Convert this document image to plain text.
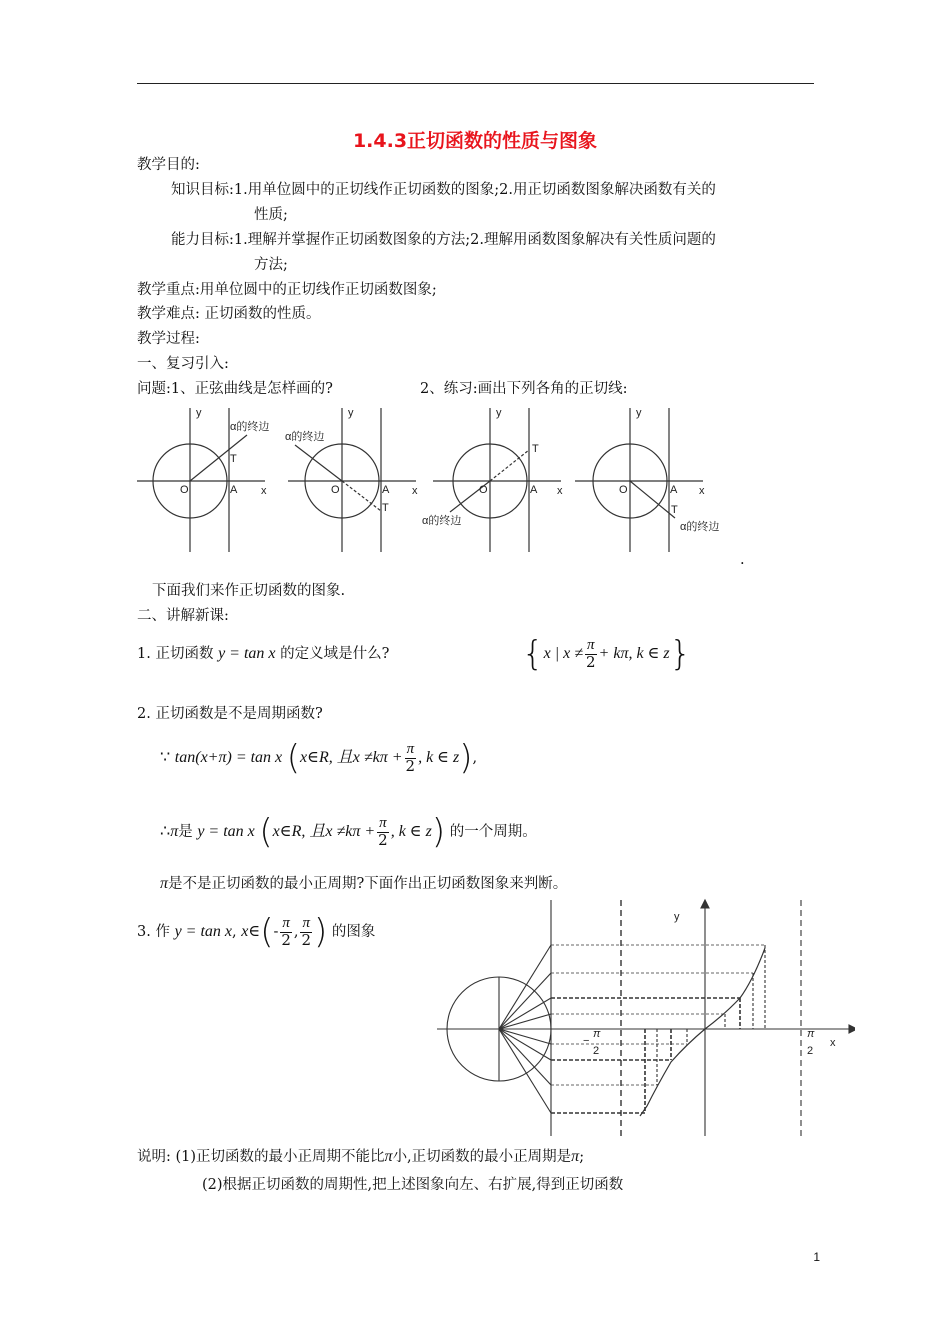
1.4.3正切函数的性质与图象
教学目的:
知识目标:1.用单位圆中的正切线作正切函数的图象;2.用正切函数图象解决函数有关的
性质;
能力目标:1.理解并掌握作正切函数图象的方法;2.理解用函数图象解决有关性质问题的
方法;
教学重点:用单位圆中的正切线作正切函数图象;
教学难点: 正切函数的性质。
教学过程:
一、复习引入:
问题:1、正弦曲线是怎样画的?	2、练习:画出下列各角的正切线:
y
x
O	A
T
α的终边
y
x
O	A
T
α的终边
y
x
O	A
T
α的终边
y
x
O	A
T
α的终边
.
下面我们来作正切函数的图象.
二、讲解新课:
1. 正切函数 y = tan x 的定义域是什么?	{x | $x \ne \frac{\pi}{2} + k\pi$, k ∈ z}
2. 正切函数是不是周期函数?
∵ tan(x+π) = tan x (x∈R, 且$x \ne k\pi + \frac{\pi}{2}$ , k ∈ z),
∴π是 y = tan x (x∈R, 且$x \ne k\pi + \frac{\pi}{2}$ , k ∈ z) 的一个周期。
π是不是正切函数的最小正周期?下面作出正切函数图象来判断。
3. 作 y = tan x, x∈(- $\frac{\pi}{2}$ , $\frac{\pi}{2}$ ) 的图象
y
x
−
π
2
π
2
说明: (1)正切函数的最小正周期不能比π小,正切函数的最小正周期是π;
(2)根据正切函数的周期性,把上述图象向左、右扩展,得到正切函数
1
